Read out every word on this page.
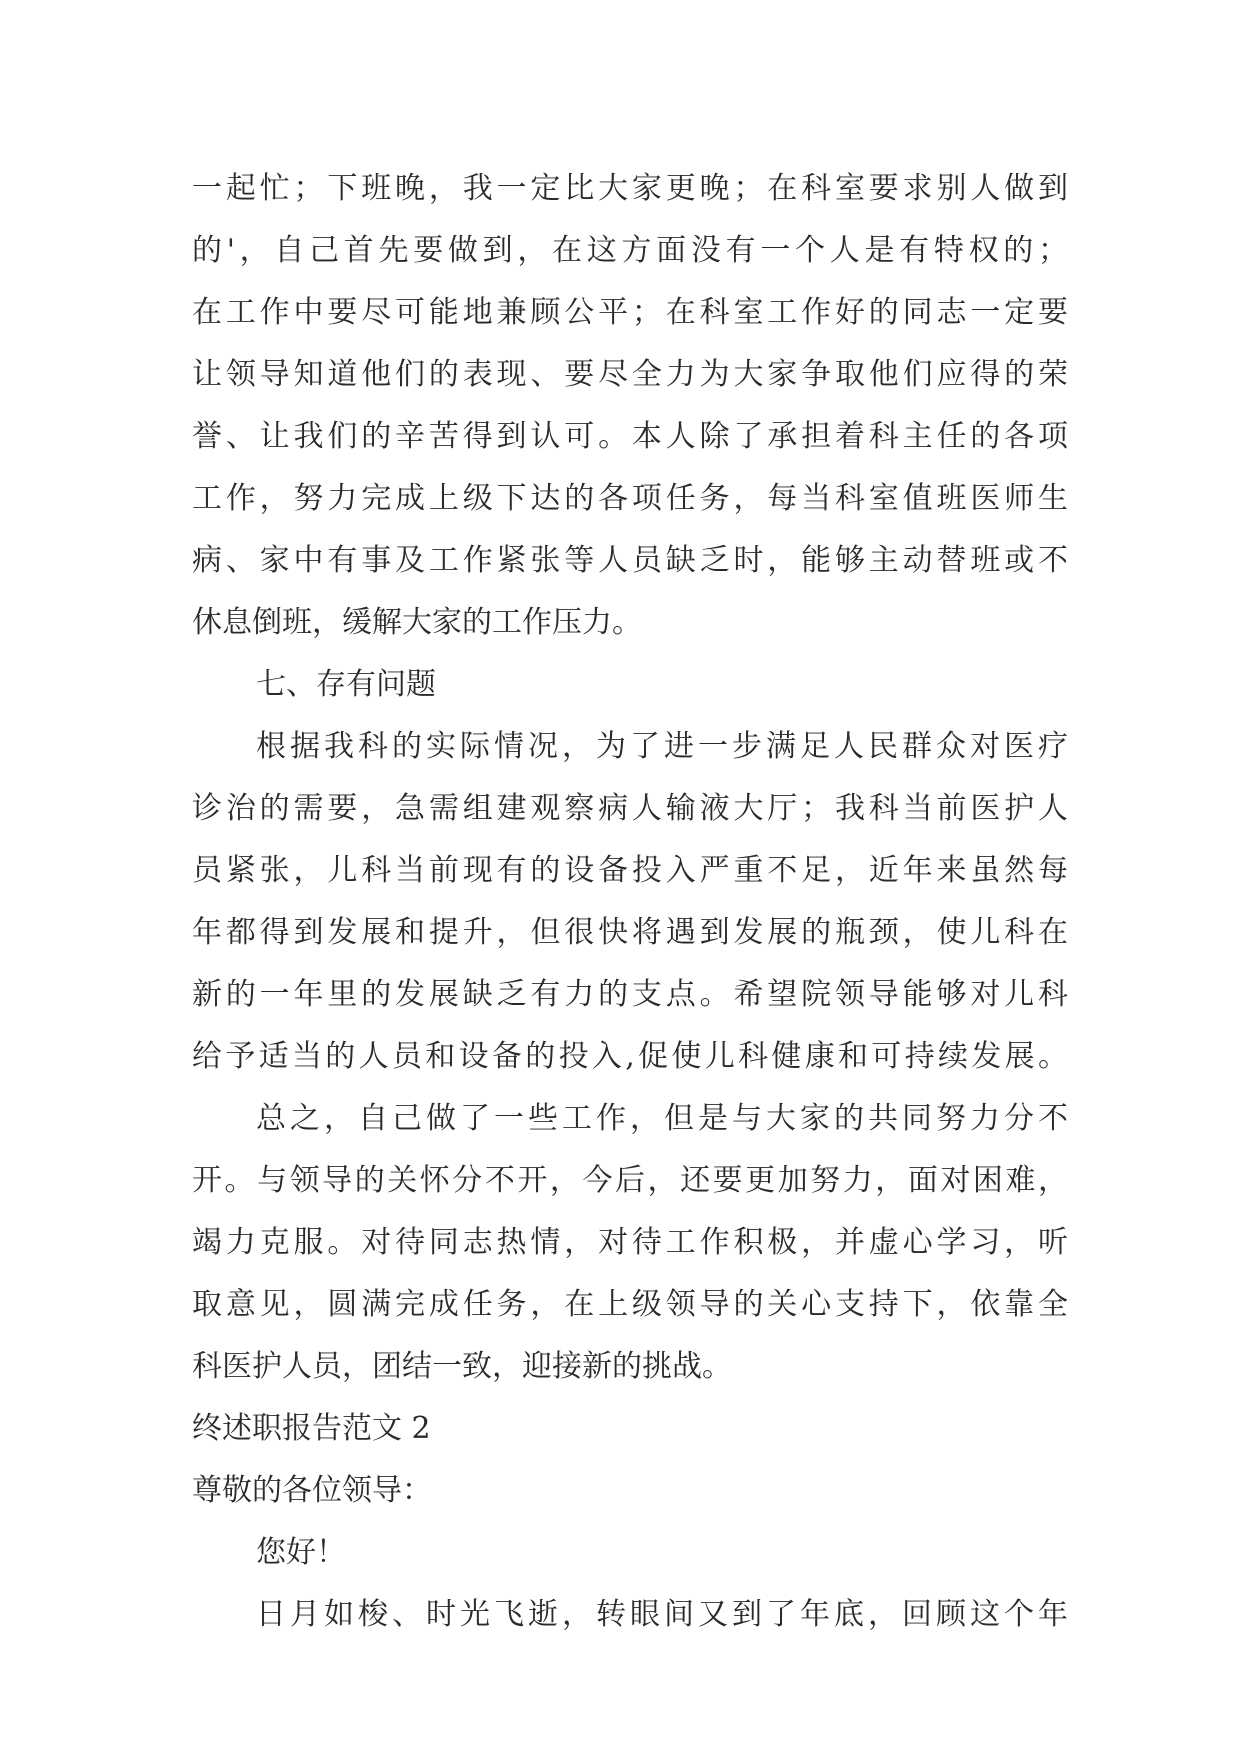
一起忙；下班晚，我一定比大家更晚；在科室要求别人做到
的'，自己首先要做到，在这方面没有一个人是有特权的；
在工作中要尽可能地兼顾公平；在科室工作好的同志一定要
让领导知道他们的表现、要尽全力为大家争取他们应得的荣
誉、让我们的辛苦得到认可。本人除了承担着科主任的各项
工作，努力完成上级下达的各项任务，每当科室值班医师生
病、家中有事及工作紧张等人员缺乏时，能够主动替班或不
休息倒班，缓解大家的工作压力。
七、存有问题
根据我科的实际情况，为了进一步满足人民群众对医疗
诊治的需要，急需组建观察病人输液大厅；我科当前医护人
员紧张，儿科当前现有的设备投入严重不足，近年来虽然每
年都得到发展和提升，但很快将遇到发展的瓶颈，使儿科在
新的一年里的发展缺乏有力的支点。希望院领导能够对儿科
给予适当的人员和设备的投入,促使儿科健康和可持续发展。
总之，自己做了一些工作，但是与大家的共同努力分不
开。与领导的关怀分不开，今后，还要更加努力，面对困难，
竭力克服。对待同志热情，对待工作积极，并虚心学习，听
取意见，圆满完成任务，在上级领导的关心支持下，依靠全
科医护人员，团结一致，迎接新的挑战。
终述职报告范文 2
尊敬的各位领导：
您好！
日月如梭、时光飞逝，转眼间又到了年底，回顾这个年
